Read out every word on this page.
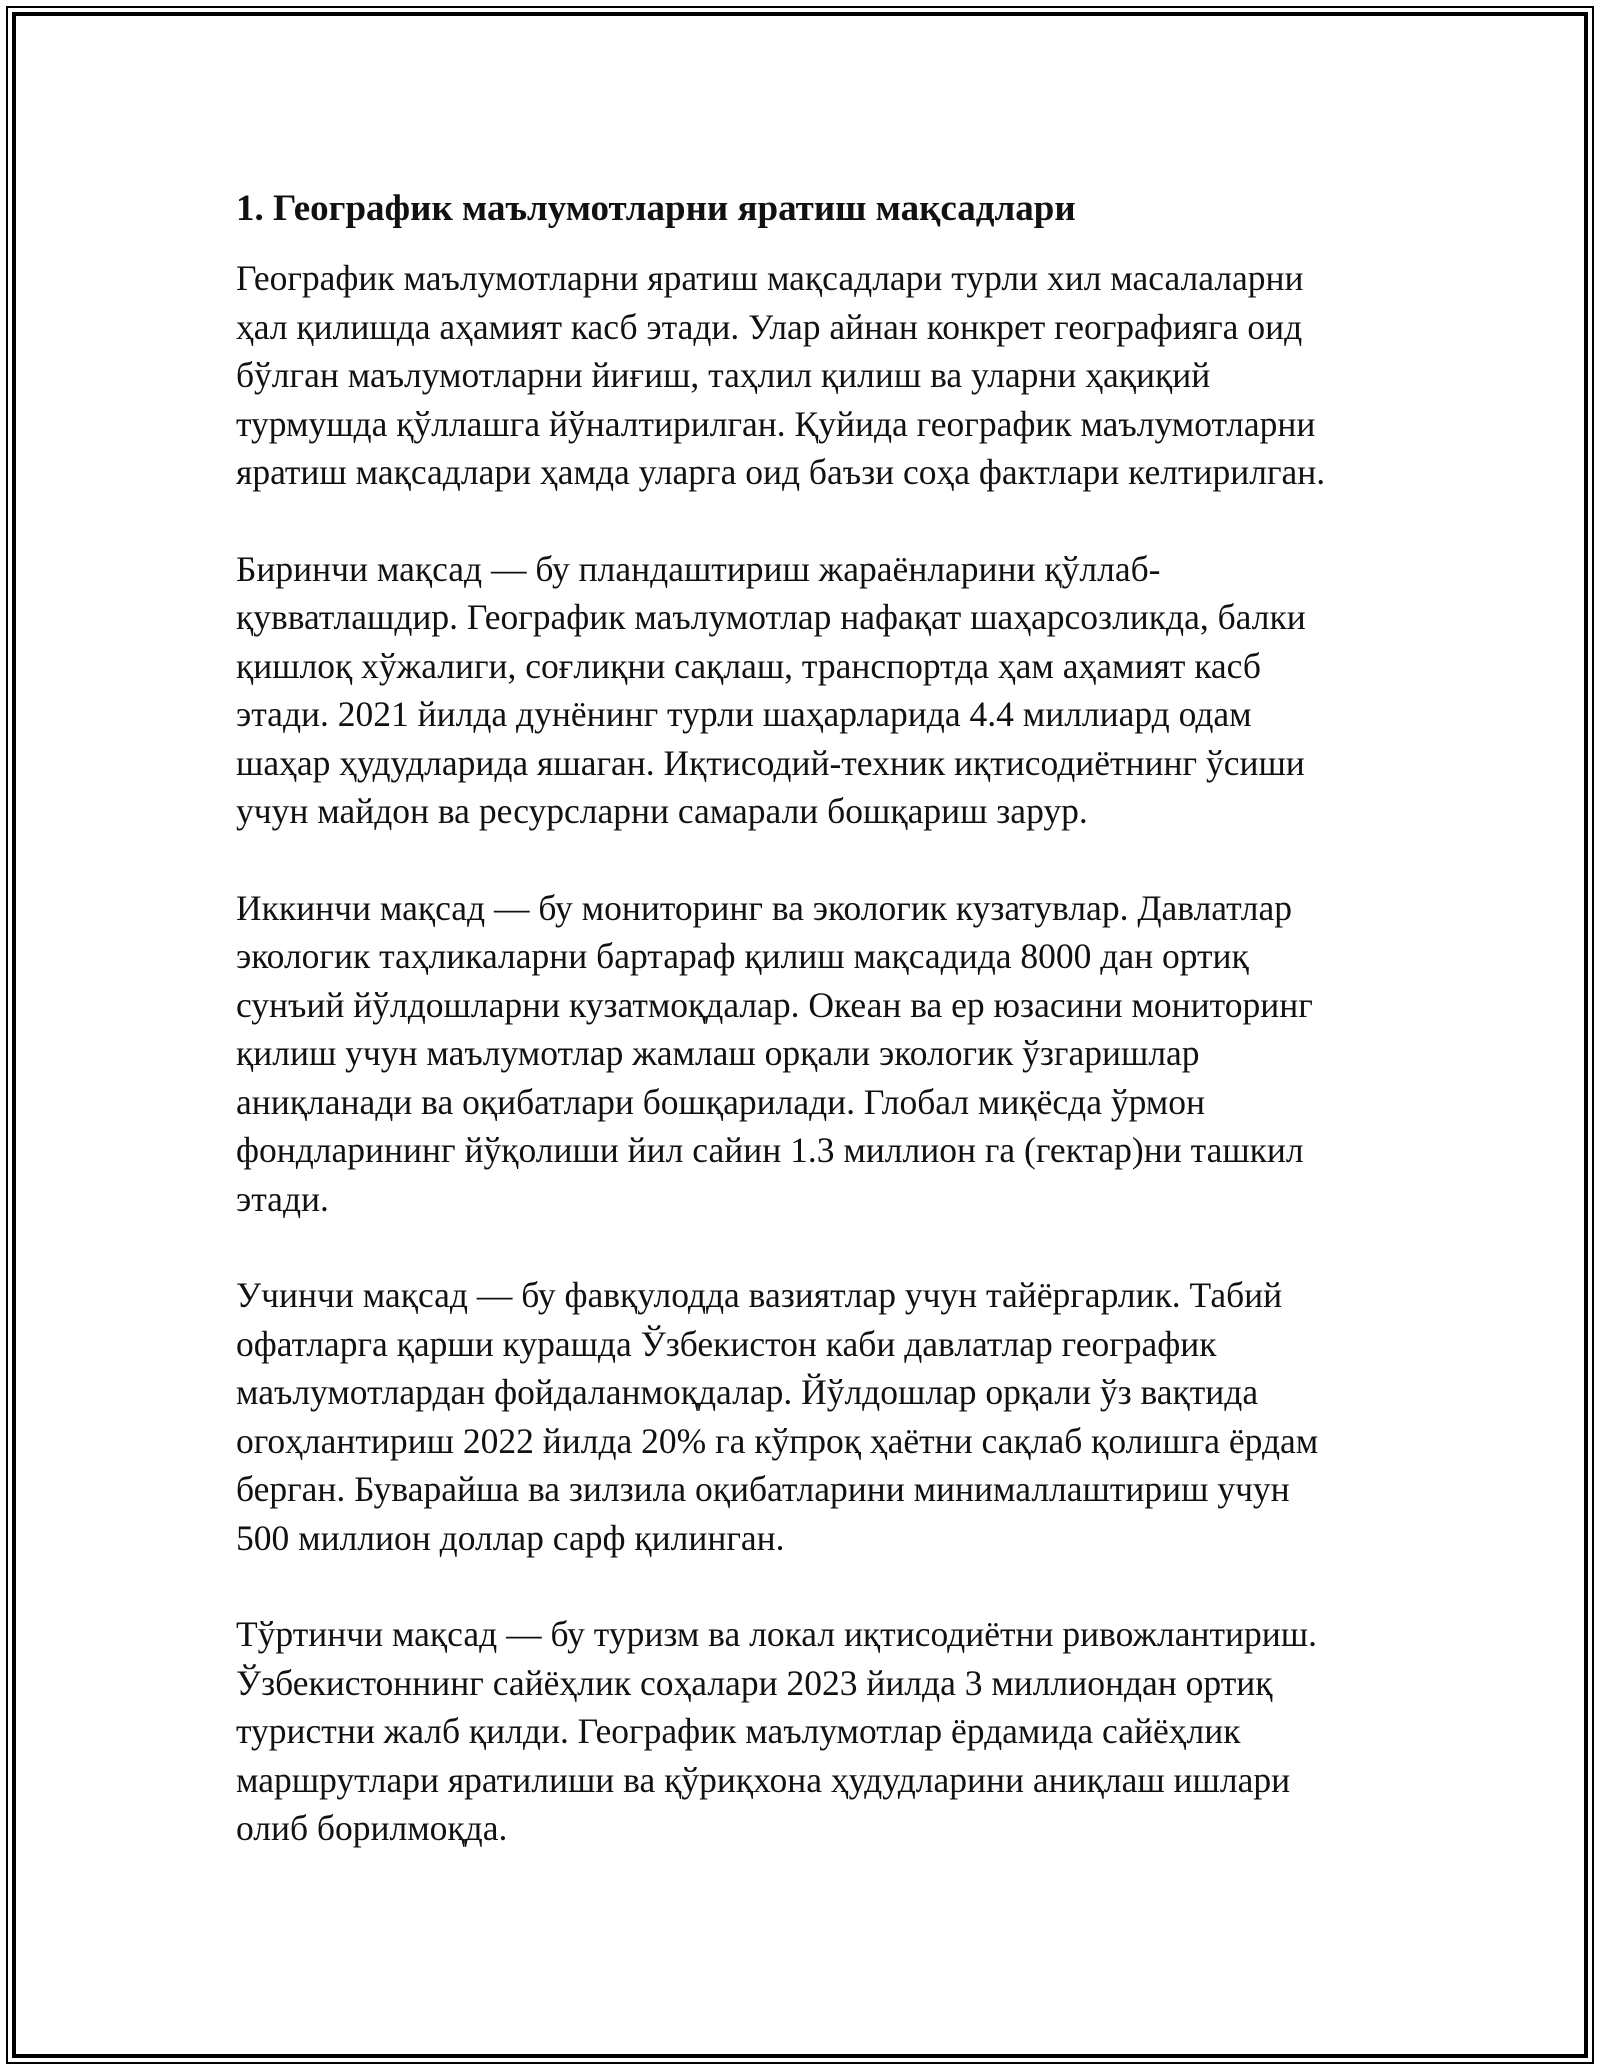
1. Географик маълумотларни яратиш мақсадлари
Географик маълумотларни яратиш мақсадлари турли хил масалаларни
ҳал қилишда аҳамият касб этади. Улар айнан конкрет географияга оид
бўлган маълумотларни йиғиш, таҳлил қилиш ва уларни ҳақиқий
турмушда қўллашга йўналтирилган. Қуйида географик маълумотларни
яратиш мақсадлари ҳамда уларга оид баъзи соҳа фактлари келтирилган.
Биринчи мақсад — бу пландаштириш жараёнларини қўллаб-
қувватлашдир. Географик маълумотлар нафақат шаҳарсозликда, балки
қишлоқ хўжалиги, соғлиқни сақлаш, транспортда ҳам аҳамият касб
этади. 2021 йилда дунёнинг турли шаҳарларида 4.4 миллиард одам
шаҳар ҳудудларида яшаган. Иқтисодий-техник иқтисодиётнинг ўсиши
учун майдон ва ресурсларни самарали бошқариш зарур.
Иккинчи мақсад — бу мониторинг ва экологик кузатувлар. Давлатлар
экологик таҳликаларни бартараф қилиш мақсадида 8000 дан ортиқ
сунъий йўлдошларни кузатмоқдалар. Океан ва ер юзасини мониторинг
қилиш учун маълумотлар жамлаш орқали экологик ўзгаришлар
аниқланади ва оқибатлари бошқарилади. Глобал миқёсда ўрмон
фондларининг йўқолиши йил сайин 1.3 миллион га (гектар)ни ташкил
этади.
Учинчи мақсад — бу фавқулодда вазиятлар учун тайёргарлик. Табий
офатларга қарши курашда Ўзбекистон каби давлатлар географик
маълумотлардан фойдаланмоқдалар. Йўлдошлар орқали ўз вақтида
огоҳлантириш 2022 йилда 20% га кўпроқ ҳаётни сақлаб қолишга ёрдам
берган. Буварайша ва зилзила оқибатларини минималлаштириш учун
500 миллион доллар сарф қилинган.
Тўртинчи мақсад — бу туризм ва локал иқтисодиётни ривожлантириш.
Ўзбекистоннинг сайёҳлик соҳалари 2023 йилда 3 миллиондан ортиқ
туристни жалб қилди. Географик маълумотлар ёрдамида сайёҳлик
маршрутлари яратилиши ва қўриқхона ҳудудларини аниқлаш ишлари
олиб борилмоқда.
